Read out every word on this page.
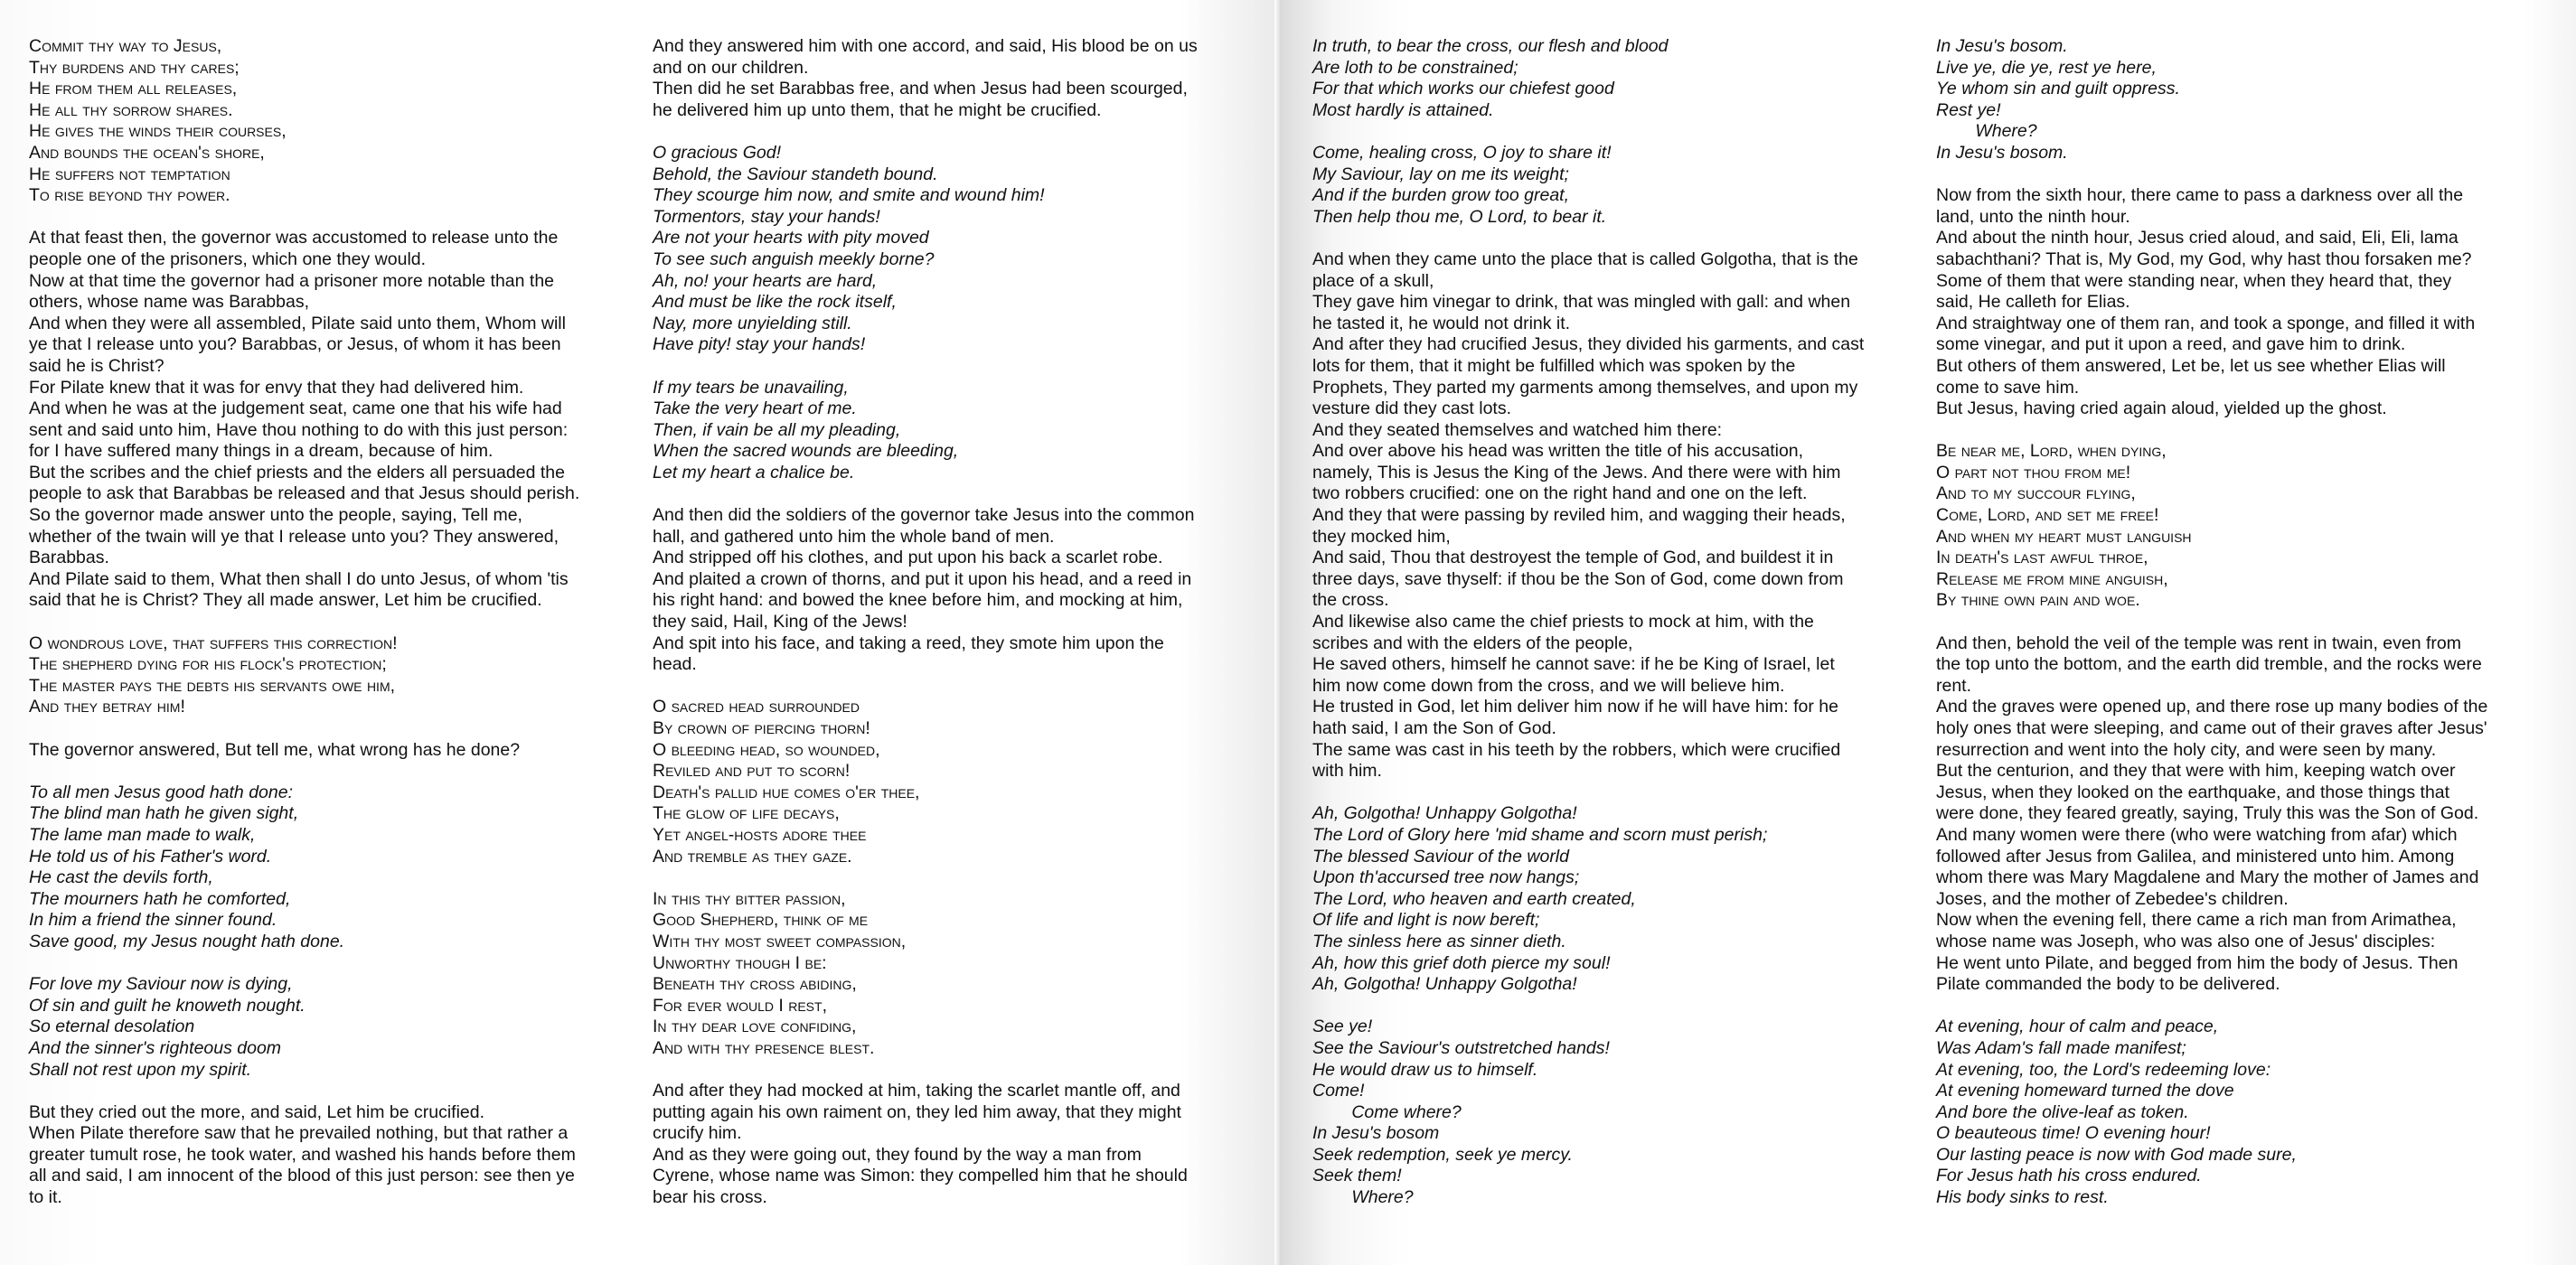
Commit thy way to Jesus,
Thy burdens and thy cares;
He from them all releases,
He all thy sorrow shares.
He gives the winds their courses,
And bounds the ocean's shore,
He suffers not temptation
To rise beyond thy power.
At that feast then, the governor was accustomed to release unto the
people one of the prisoners, which one they would.
Now at that time the governor had a prisoner more notable than the
others, whose name was Barabbas,
And when they were all assembled, Pilate said unto them, Whom will
ye that I release unto you? Barabbas, or Jesus, of whom it has been
said he is Christ?
For Pilate knew that it was for envy that they had delivered him.
And when he was at the judgement seat, came one that his wife had
sent and said unto him, Have thou nothing to do with this just person:
for I have suffered many things in a dream, because of him.
But the scribes and the chief priests and the elders all persuaded the
people to ask that Barabbas be released and that Jesus should perish.
So the governor made answer unto the people, saying, Tell me,
whether of the twain will ye that I release unto you? They answered,
Barabbas.
And Pilate said to them, What then shall I do unto Jesus, of whom 'tis
said that he is Christ? They all made answer, Let him be crucified.
O wondrous love, that suffers this correction!
The shepherd dying for his flock's protection;
The master pays the debts his servants owe him,
And they betray him!
The governor answered, But tell me, what wrong has he done?
To all men Jesus good hath done:
The blind man hath he given sight,
The lame man made to walk,
He told us of his Father's word.
He cast the devils forth,
The mourners hath he comforted,
In him a friend the sinner found.
Save good, my Jesus nought hath done.
For love my Saviour now is dying,
Of sin and guilt he knoweth nought.
So eternal desolation
And the sinner's righteous doom
Shall not rest upon my spirit.
But they cried out the more, and said, Let him be crucified.
When Pilate therefore saw that he prevailed nothing, but that rather a
greater tumult rose, he took water, and washed his hands before them
all and said, I am innocent of the blood of this just person: see then ye
to it.
And they answered him with one accord, and said, His blood be on us
and on our children.
Then did he set Barabbas free, and when Jesus had been scourged,
he delivered him up unto them, that he might be crucified.
O gracious God!
Behold, the Saviour standeth bound.
They scourge him now, and smite and wound him!
Tormentors, stay your hands!
Are not your hearts with pity moved
To see such anguish meekly borne?
Ah, no! your hearts are hard,
And must be like the rock itself,
Nay, more unyielding still.
Have pity! stay your hands!
If my tears be unavailing,
Take the very heart of me.
Then, if vain be all my pleading,
When the sacred wounds are bleeding,
Let my heart a chalice be.
And then did the soldiers of the governor take Jesus into the common
hall, and gathered unto him the whole band of men.
And stripped off his clothes, and put upon his back a scarlet robe.
And plaited a crown of thorns, and put it upon his head, and a reed in
his right hand: and bowed the knee before him, and mocking at him,
they said, Hail, King of the Jews!
And spit into his face, and taking a reed, they smote him upon the
head.
O sacred head surrounded
By crown of piercing thorn!
O bleeding head, so wounded,
Reviled and put to scorn!
Death's pallid hue comes o'er thee,
The glow of life decays,
Yet angel-hosts adore thee
And tremble as they gaze.
In this thy bitter passion,
Good Shepherd, think of me
With thy most sweet compassion,
Unworthy though I be:
Beneath thy cross abiding,
For ever would I rest,
In thy dear love confiding,
And with thy presence blest.
And after they had mocked at him, taking the scarlet mantle off, and
putting again his own raiment on, they led him away, that they might
crucify him.
And as they were going out, they found by the way a man from
Cyrene, whose name was Simon: they compelled him that he should
bear his cross.
In truth, to bear the cross, our flesh and blood
Are loth to be constrained;
For that which works our chiefest good
Most hardly is attained.
Come, healing cross, O joy to share it!
My Saviour, lay on me its weight;
And if the burden grow too great,
Then help thou me, O Lord, to bear it.
And when they came unto the place that is called Golgotha, that is the
place of a skull,
They gave him vinegar to drink, that was mingled with gall: and when
he tasted it, he would not drink it.
And after they had crucified Jesus, they divided his garments, and cast
lots for them, that it might be fulfilled which was spoken by the
Prophets, They parted my garments among themselves, and upon my
vesture did they cast lots.
And they seated themselves and watched him there:
And over above his head was written the title of his accusation,
namely, This is Jesus the King of the Jews. And there were with him
two robbers crucified: one on the right hand and one on the left.
And they that were passing by reviled him, and wagging their heads,
they mocked him,
And said, Thou that destroyest the temple of God, and buildest it in
three days, save thyself: if thou be the Son of God, come down from
the cross.
And likewise also came the chief priests to mock at him, with the
scribes and with the elders of the people,
He saved others, himself he cannot save: if he be King of Israel, let
him now come down from the cross, and we will believe him.
He trusted in God, let him deliver him now if he will have him: for he
hath said, I am the Son of God.
The same was cast in his teeth by the robbers, which were crucified
with him.
Ah, Golgotha! Unhappy Golgotha!
The Lord of Glory here 'mid shame and scorn must perish;
The blessed Saviour of the world
Upon th'accursed tree now hangs;
The Lord, who heaven and earth created,
Of life and light is now bereft;
The sinless here as sinner dieth.
Ah, how this grief doth pierce my soul!
Ah, Golgotha! Unhappy Golgotha!
See ye!
See the Saviour's outstretched hands!
He would draw us to himself.
Come!
Come where?
In Jesu's bosom
Seek redemption, seek ye mercy.
Seek them!
Where?
In Jesu's bosom.
Live ye, die ye, rest ye here,
Ye whom sin and guilt oppress.
Rest ye!
Where?
In Jesu's bosom.
Now from the sixth hour, there came to pass a darkness over all the
land, unto the ninth hour.
And about the ninth hour, Jesus cried aloud, and said, Eli, Eli, lama
sabachthani? That is, My God, my God, why hast thou forsaken me?
Some of them that were standing near, when they heard that, they
said, He calleth for Elias.
And straightway one of them ran, and took a sponge, and filled it with
some vinegar, and put it upon a reed, and gave him to drink.
But others of them answered, Let be, let us see whether Elias will
come to save him.
But Jesus, having cried again aloud, yielded up the ghost.
Be near me, Lord, when dying,
O part not thou from me!
And to my succour flying,
Come, Lord, and set me free!
And when my heart must languish
In death's last awful throe,
Release me from mine anguish,
By thine own pain and woe.
And then, behold the veil of the temple was rent in twain, even from
the top unto the bottom, and the earth did tremble, and the rocks were
rent.
And the graves were opened up, and there rose up many bodies of the
holy ones that were sleeping, and came out of their graves after Jesus'
resurrection and went into the holy city, and were seen by many.
But the centurion, and they that were with him, keeping watch over
Jesus, when they looked on the earthquake, and those things that
were done, they feared greatly, saying, Truly this was the Son of God.
And many women were there (who were watching from afar) which
followed after Jesus from Galilea, and ministered unto him. Among
whom there was Mary Magdalene and Mary the mother of James and
Joses, and the mother of Zebedee's children.
Now when the evening fell, there came a rich man from Arimathea,
whose name was Joseph, who was also one of Jesus' disciples:
He went unto Pilate, and begged from him the body of Jesus. Then
Pilate commanded the body to be delivered.
At evening, hour of calm and peace,
Was Adam's fall made manifest;
At evening, too, the Lord's redeeming love:
At evening homeward turned the dove
And bore the olive-leaf as token.
O beauteous time! O evening hour!
Our lasting peace is now with God made sure,
For Jesus hath his cross endured.
His body sinks to rest.
